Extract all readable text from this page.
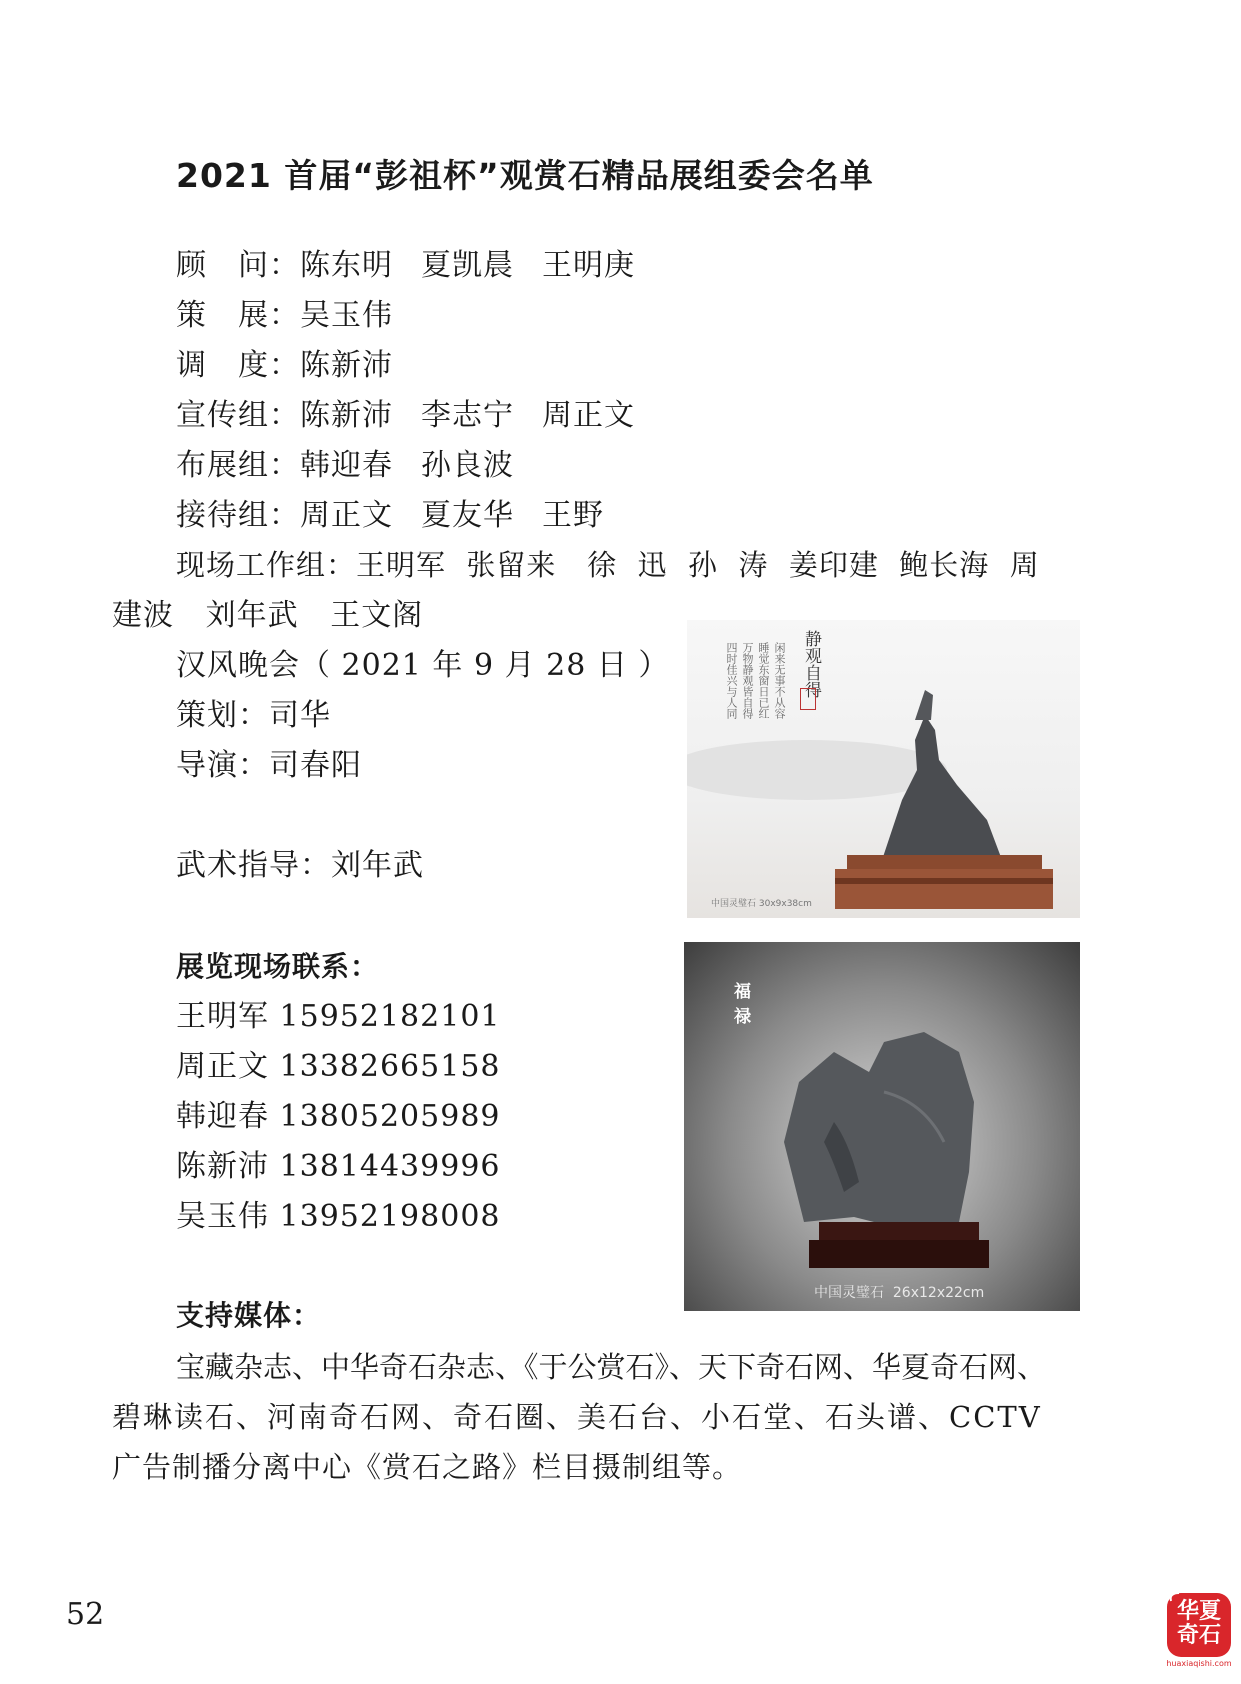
2021 首届“彭祖杯”观赏石精品展组委会名单
顾　问：陈东明 夏凯晨 王明庚
策　展：吴玉伟
调　度：陈新沛
宣传组：陈新沛 李志宁 周正文
布展组：韩迎春 孙良波
接待组：周正文 夏友华 王野
现场工作组：王明军  张留来   徐  迅  孙  涛  姜印建  鲍长海  周
建波   刘年武   王文阁
汉风晚会（ 2021 年 9 月 28 日 ）
策划：司华
导演：司春阳
武术指导：刘年武
展览现场联系：
王明军 15952182101
周正文 13382665158
韩迎春 13805205989
陈新沛 13814439996
吴玉伟 13952198008
支持媒体：
宝藏杂志、中华奇石杂志、《于公赏石》、天下奇石网、华夏奇石网、
碧琳读石、河南奇石网、奇石圈、美石台、小石堂、石头谱、CCTV
广告制播分离中心《赏石之路》栏目摄制组等。
静观自得
闲来无事不从容
睡觉东窗日已红
万物静观皆自得
四时佳兴与人同
中国灵璧石 30x9x38cm
福禄
中国灵璧石  26x12x22cm
52	华夏奇石
huaxiaqishi.com
